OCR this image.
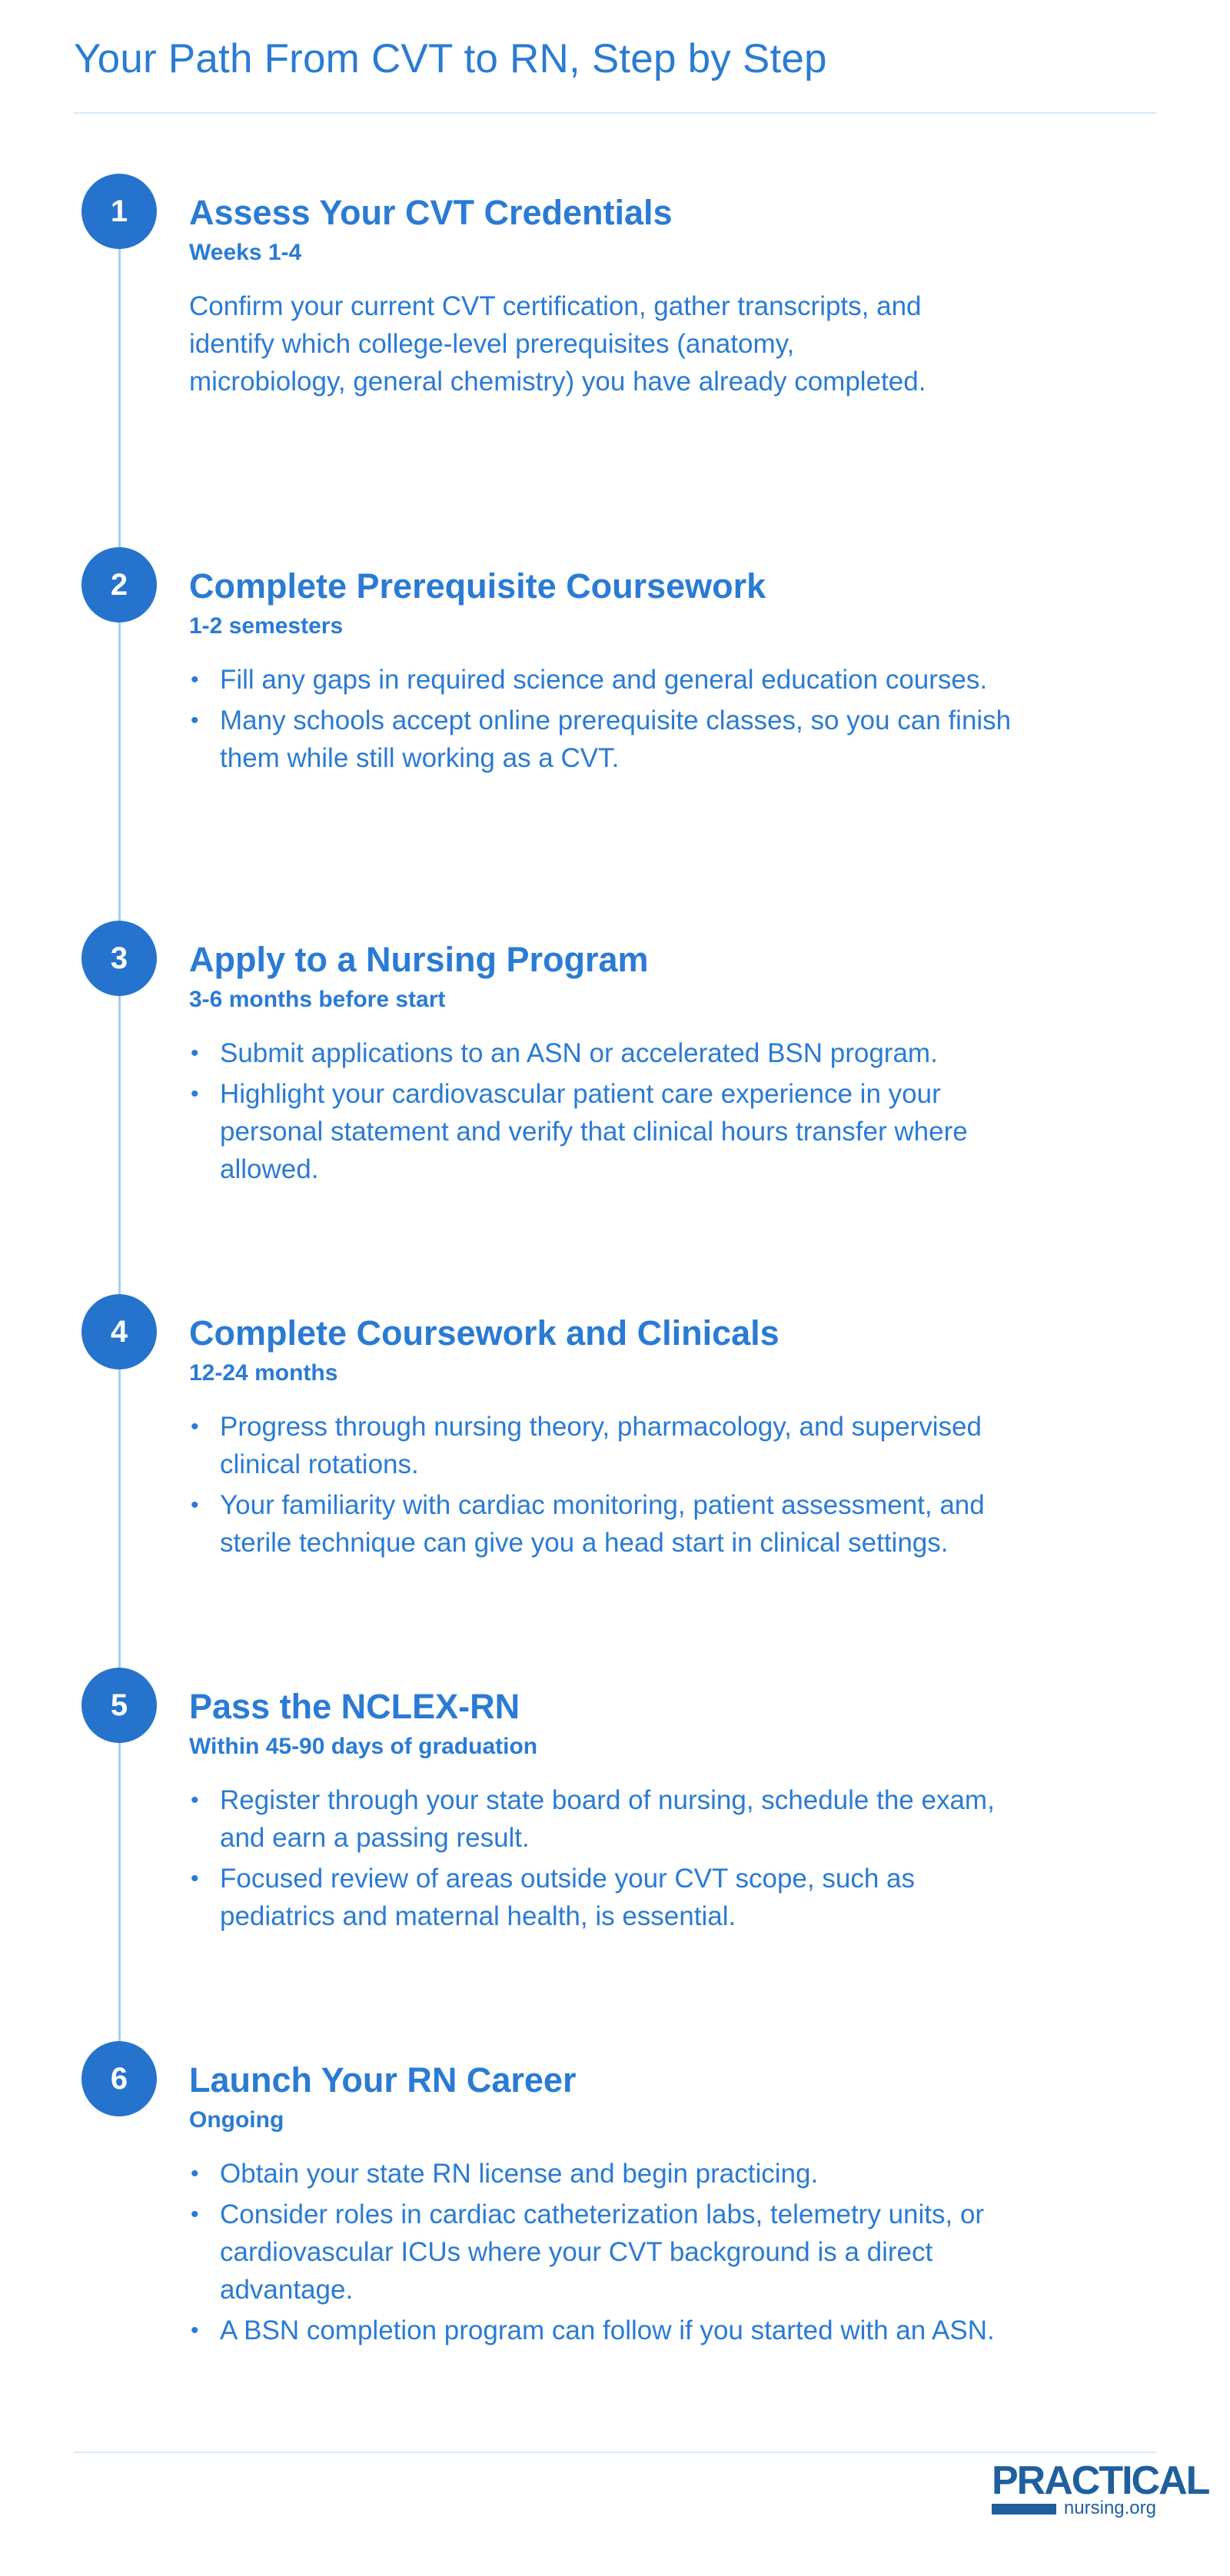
Your Path From CVT to RN, Step by Step
1	Assess Your CVT Credentials

Weeks 1-4

Confirm your current CVT certification, gather transcripts, and identify which college-level prerequisites (anatomy, microbiology, general chemistry) you have already completed.

2	Complete Prerequisite Coursework

1-2 semesters

• Fill any gaps in required science and general education courses.
• Many schools accept online prerequisite classes, so you can finish them while still working as a CVT.
3	Apply to a Nursing Program

3-6 months before start

• Submit applications to an ASN or accelerated BSN program.
• Highlight your cardiovascular patient care experience in your personal statement and verify that clinical hours transfer where allowed.
4	Complete Coursework and Clinicals

12-24 months

• Progress through nursing theory, pharmacology, and supervised clinical rotations.
• Your familiarity with cardiac monitoring, patient assessment, and sterile technique can give you a head start in clinical settings.
5	Pass the NCLEX-RN

Within 45-90 days of graduation

• Register through your state board of nursing, schedule the exam, and earn a passing result.
• Focused review of areas outside your CVT scope, such as pediatrics and maternal health, is essential.
6	Launch Your RN Career

Ongoing

• Obtain your state RN license and begin practicing.
• Consider roles in cardiac catheterization labs, telemetry units, or cardiovascular ICUs where your CVT background is a direct advantage.
• A BSN completion program can follow if you started with an ASN.
PRACTICAL
nursing.org
